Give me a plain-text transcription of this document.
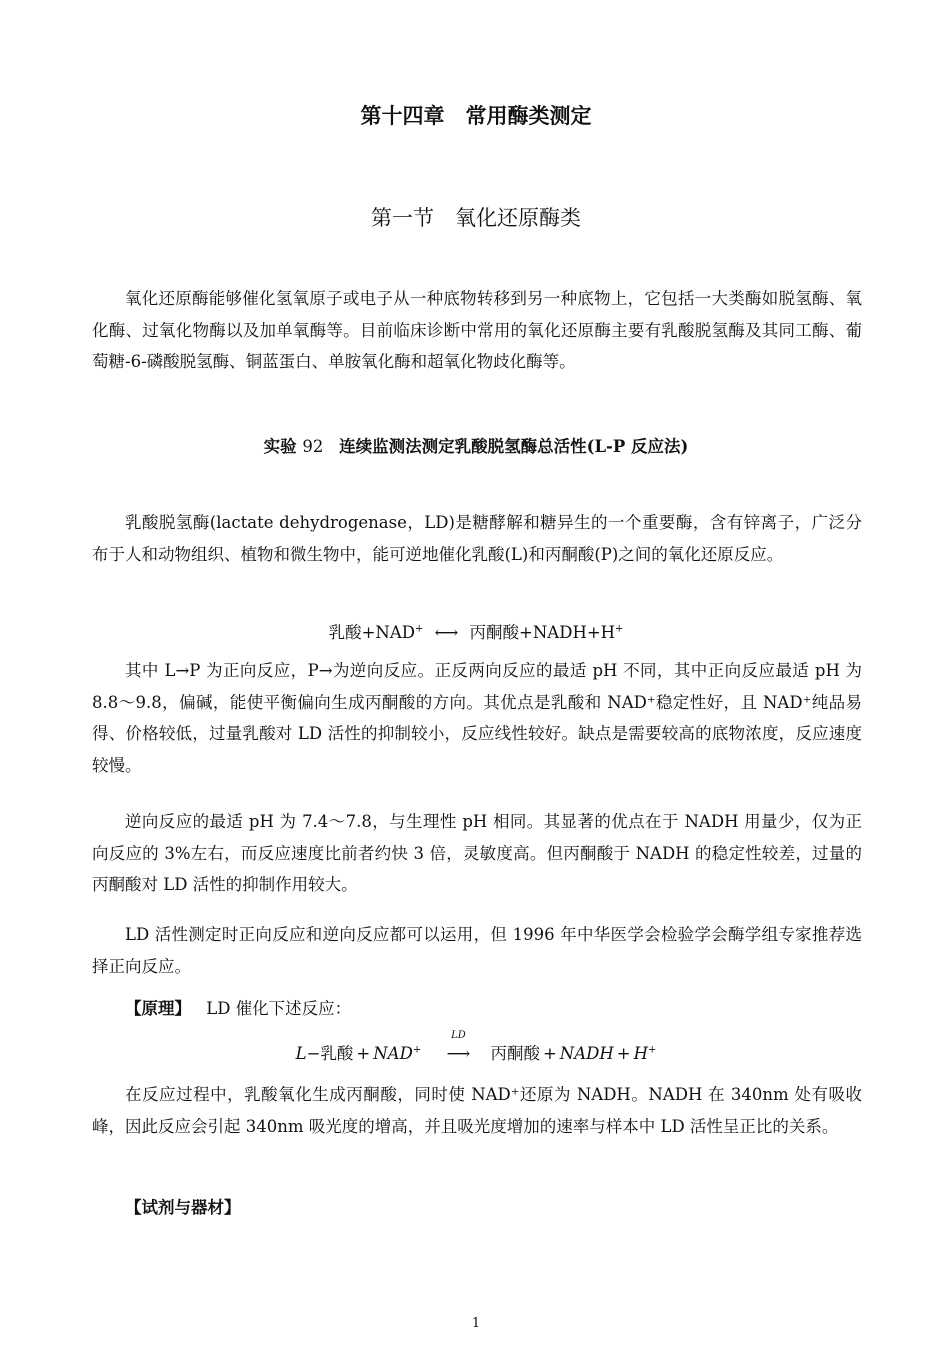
第十四章　常用酶类测定
第一节　氧化还原酶类
氧化还原酶能够催化氢氧原子或电子从一种底物转移到另一种底物上，它包括一大类酶如脱氢酶、氧化酶、过氧化物酶以及加单氧酶等。目前临床诊断中常用的氧化还原酶主要有乳酸脱氢酶及其同工酶、葡萄糖-6-磷酸脱氢酶、铜蓝蛋白、单胺氧化酶和超氧化物歧化酶等。
实验 92 连续监测法测定乳酸脱氢酶总活性(L-P 反应法)
乳酸脱氢酶(lactate dehydrogenase，LD)是糖酵解和糖异生的一个重要酶，含有锌离子，广泛分布于人和动物组织、植物和微生物中，能可逆地催化乳酸(L)和丙酮酸(P)之间的氧化还原反应。
乳酸+NAD+ ⟷ 丙酮酸+NADH+H+
其中 L→P 为正向反应，P→为逆向反应。正反两向反应的最适 pH 不同，其中正向反应最适 pH 为 8.8～9.8，偏碱，能使平衡偏向生成丙酮酸的方向。其优点是乳酸和 NAD⁺稳定性好，且 NAD⁺纯品易得、价格较低，过量乳酸对 LD 活性的抑制较小，反应线性较好。缺点是需要较高的底物浓度，反应速度较慢。
逆向反应的最适 pH 为 7.4～7.8，与生理性 pH 相同。其显著的优点在于 NADH 用量少，仅为正向反应的 3%左右，而反应速度比前者约快 3 倍，灵敏度高。但丙酮酸于 NADH 的稳定性较差，过量的丙酮酸对 LD 活性的抑制作用较大。
LD 活性测定时正向反应和逆向反应都可以运用，但 1996 年中华医学会检验学会酶学组专家推荐选择正向反应。
【原理】 LD 催化下述反应：
L−乳酸 + NAD+
LD
⟶ 丙酮酸 + NADH + H+
在反应过程中，乳酸氧化生成丙酮酸，同时使 NAD⁺还原为 NADH。NADH 在 340nm 处有吸收峰，因此反应会引起 340nm 吸光度的增高，并且吸光度增加的速率与样本中 LD 活性呈正比的关系。
【试剂与器材】
1
